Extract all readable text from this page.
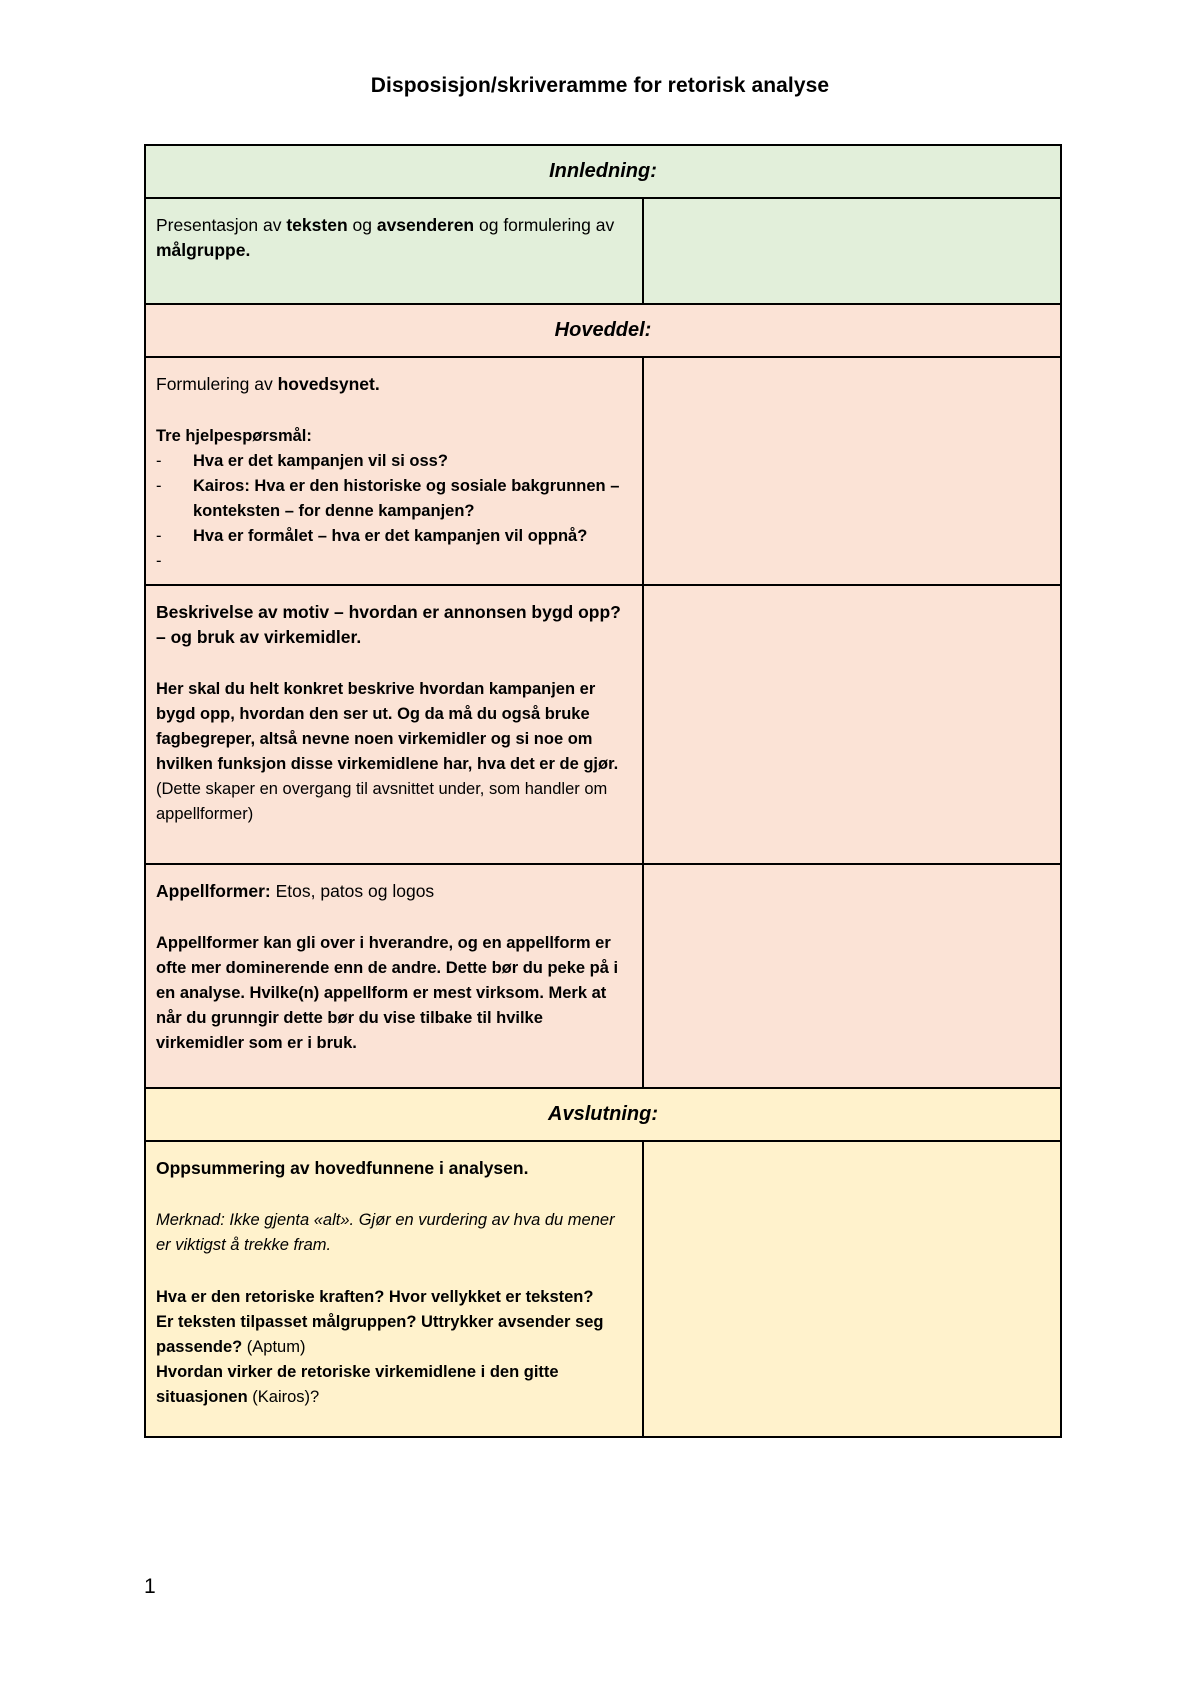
Disposisjon/skriveramme for retorisk analyse
Innledning:
Presentasjon av teksten og avsenderen og formulering av målgruppe.
Hoveddel:
Formulering av hovedsynet.
Tre hjelpespørsmål:
- Hva er det kampanjen vil si oss?
- Kairos: Hva er den historiske og sosiale bakgrunnen – konteksten – for denne kampanjen?
- Hva er formålet – hva er det kampanjen vil oppnå?
-
Beskrivelse av motiv – hvordan er annonsen bygd opp? – og bruk av virkemidler.
Her skal du helt konkret beskrive hvordan kampanjen er bygd opp, hvordan den ser ut. Og da må du også bruke fagbegreper, altså nevne noen virkemidler og si noe om hvilken funksjon disse virkemidlene har, hva det er de gjør. (Dette skaper en overgang til avsnittet under, som handler om appellformer)
Appellformer: Etos, patos og logos
Appellformer kan gli over i hverandre, og en appellform er ofte mer dominerende enn de andre. Dette bør du peke på i en analyse. Hvilke(n) appellform er mest virksom. Merk at når du grunngir dette bør du vise tilbake til hvilke virkemidler som er i bruk.
Avslutning:
Oppsummering av hovedfunnene i analysen.
Merknad: Ikke gjenta «alt». Gjør en vurdering av hva du mener er viktigst å trekke fram.
Hva er den retoriske kraften? Hvor vellykket er teksten?
Er teksten tilpasset målgruppen? Uttrykker avsender seg passende? (Aptum)
Hvordan virker de retoriske virkemidlene i den gitte situasjonen (Kairos)?
1
